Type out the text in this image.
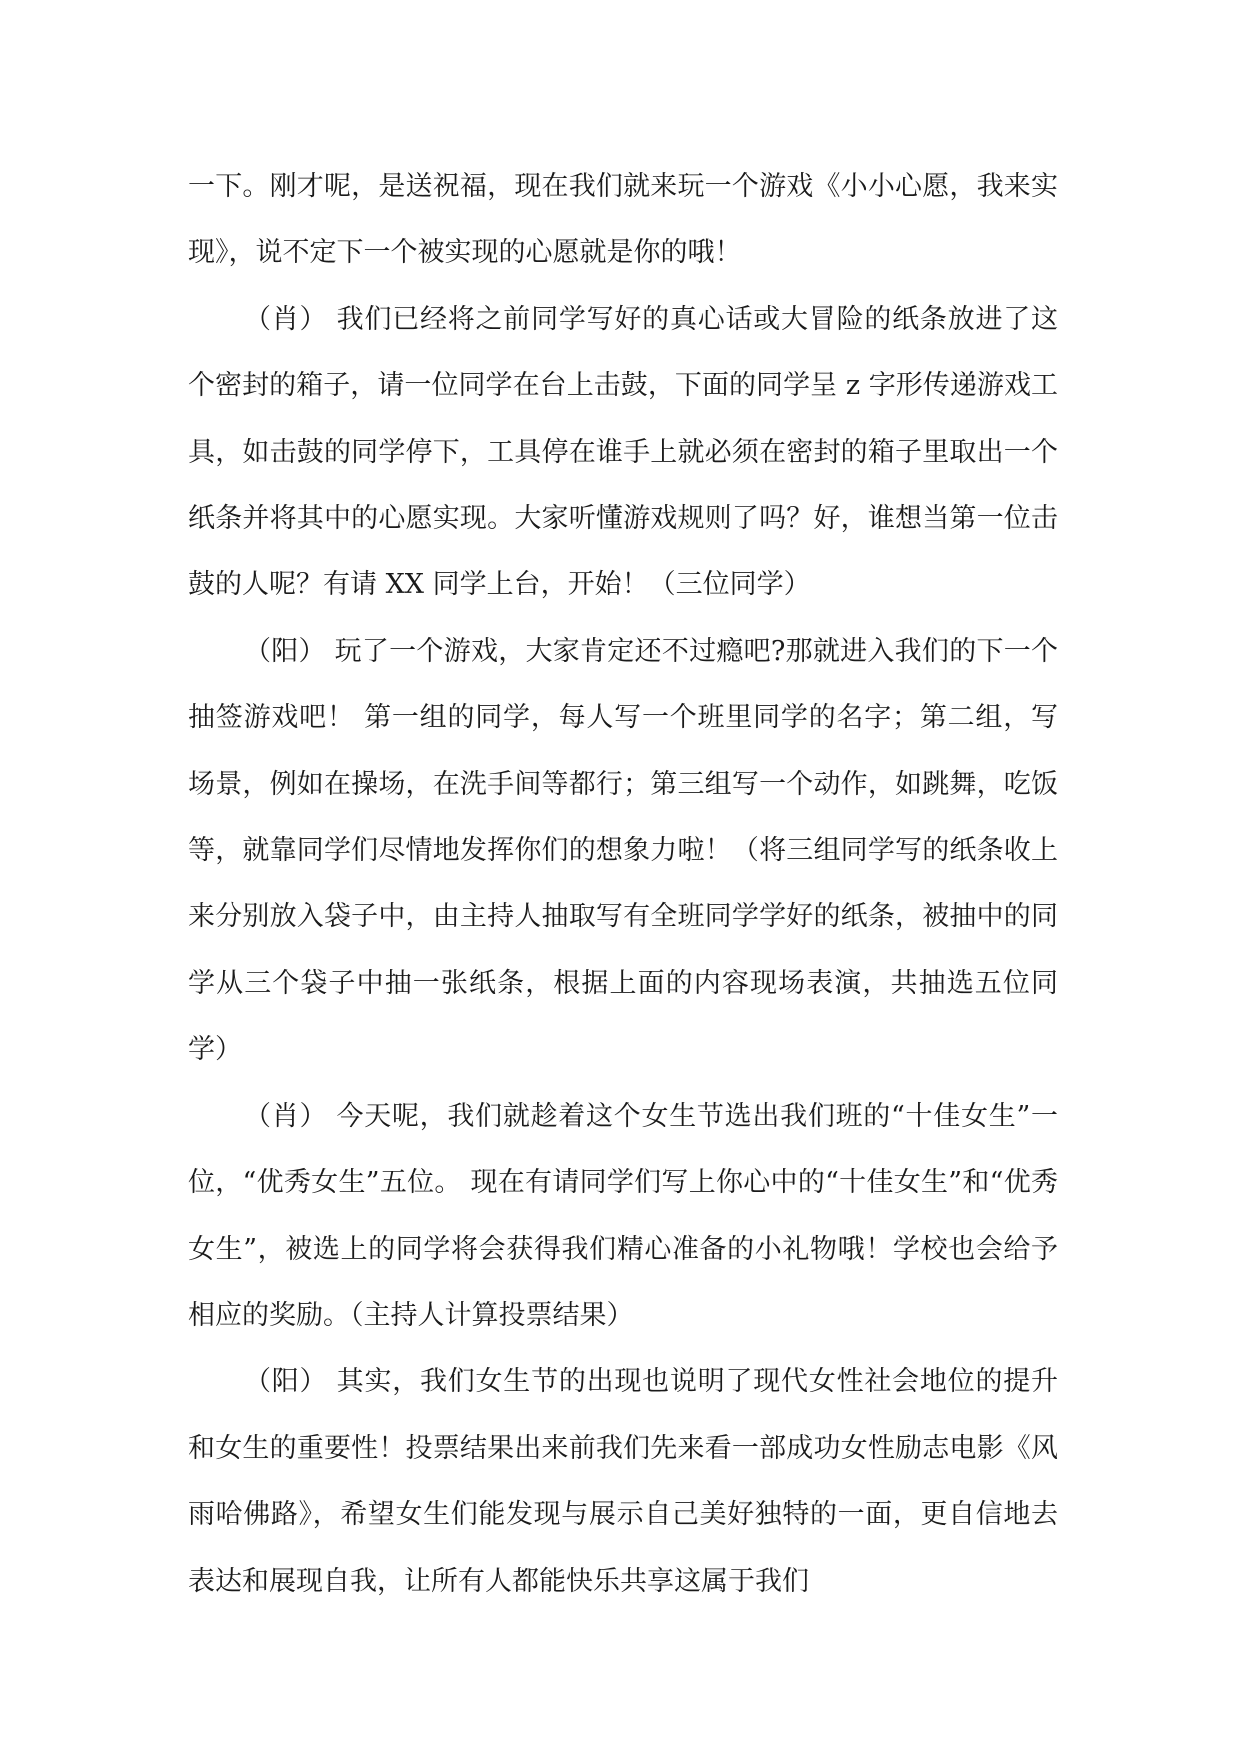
一下。刚才呢，是送祝福，现在我们就来玩一个游戏《小小心愿，我来实现》，说不定下一个被实现的心愿就是你的哦！

（肖） 我们已经将之前同学写好的真心话或大冒险的纸条放进了这个密封的箱子，请一位同学在台上击鼓，下面的同学呈 z 字形传递游戏工具，如击鼓的同学停下，工具停在谁手上就必须在密封的箱子里取出一个纸条并将其中的心愿实现。大家听懂游戏规则了吗？好，谁想当第一位击鼓的人呢？有请 XX 同学上台，开始！（三位同学）

（阳） 玩了一个游戏，大家肯定还不过瘾吧?那就进入我们的下一个抽签游戏吧！ 第一组的同学，每人写一个班里同学的名字；第二组，写场景，例如在操场，在洗手间等都行；第三组写一个动作，如跳舞，吃饭等，就靠同学们尽情地发挥你们的想象力啦！（将三组同学写的纸条收上来分别放入袋子中，由主持人抽取写有全班同学学好的纸条，被抽中的同学从三个袋子中抽一张纸条，根据上面的内容现场表演，共抽选五位同学）

（肖） 今天呢，我们就趁着这个女生节选出我们班的“十佳女生”一位，“优秀女生”五位。 现在有请同学们写上你心中的“十佳女生”和“优秀女生”，被选上的同学将会获得我们精心准备的小礼物哦！学校也会给予相应的奖励。（主持人计算投票结果）

（阳） 其实，我们女生节的出现也说明了现代女性社会地位的提升和女生的重要性！投票结果出来前我们先来看一部成功女性励志电影《风雨哈佛路》，希望女生们能发现与展示自己美好独特的一面，更自信地去表达和展现自我，让所有人都能快乐共享这属于我们
